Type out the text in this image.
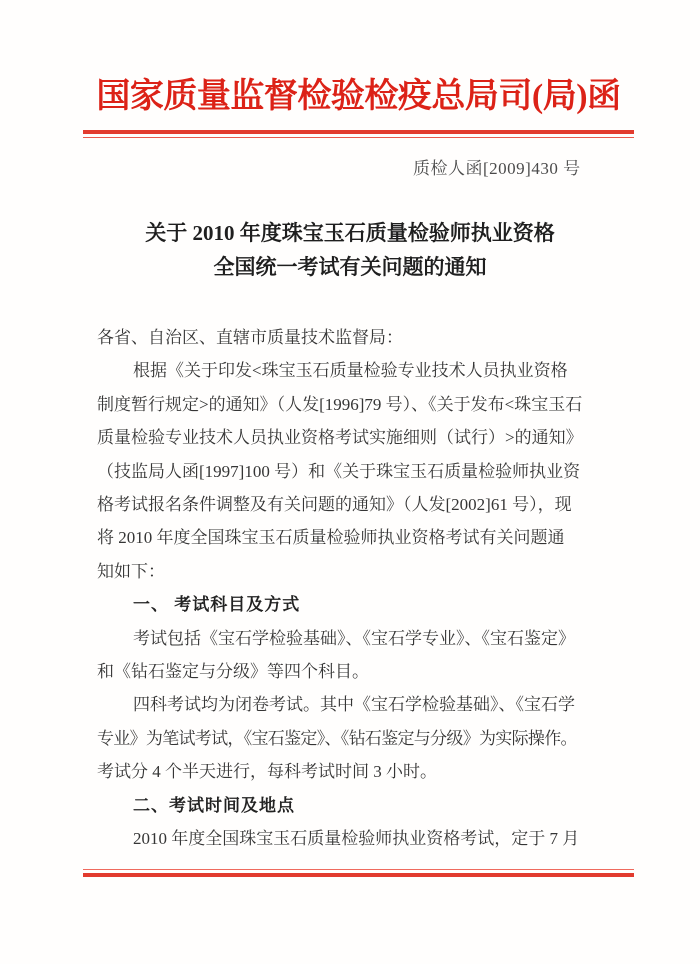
国家质量监督检验检疫总局司(局)函
质检人函[2009]430 号
关于 2010 年度珠宝玉石质量检验师执业资格
全国统一考试有关问题的通知
各省、自治区、直辖市质量技术监督局：
根据《关于印发<珠宝玉石质量检验专业技术人员执业资格
制度暂行规定>的通知》（人发[1996]79 号）、《关于发布<珠宝玉石
质量检验专业技术人员执业资格考试实施细则（试行）>的通知》
（技监局人函[1997]100 号）和《关于珠宝玉石质量检验师执业资
格考试报名条件调整及有关问题的通知》（人发[2002]61 号），现
将 2010 年度全国珠宝玉石质量检验师执业资格考试有关问题通
知如下：
一、 考试科目及方式
考试包括《宝石学检验基础》、《宝石学专业》、《宝石鉴定》
和《钻石鉴定与分级》等四个科目。
四科考试均为闭卷考试。其中《宝石学检验基础》、《宝石学
专业》为笔试考试，《宝石鉴定》、《钻石鉴定与分级》为实际操作。
考试分 4 个半天进行，每科考试时间 3 小时。
二、考试时间及地点
2010 年度全国珠宝玉石质量检验师执业资格考试，定于 7 月
